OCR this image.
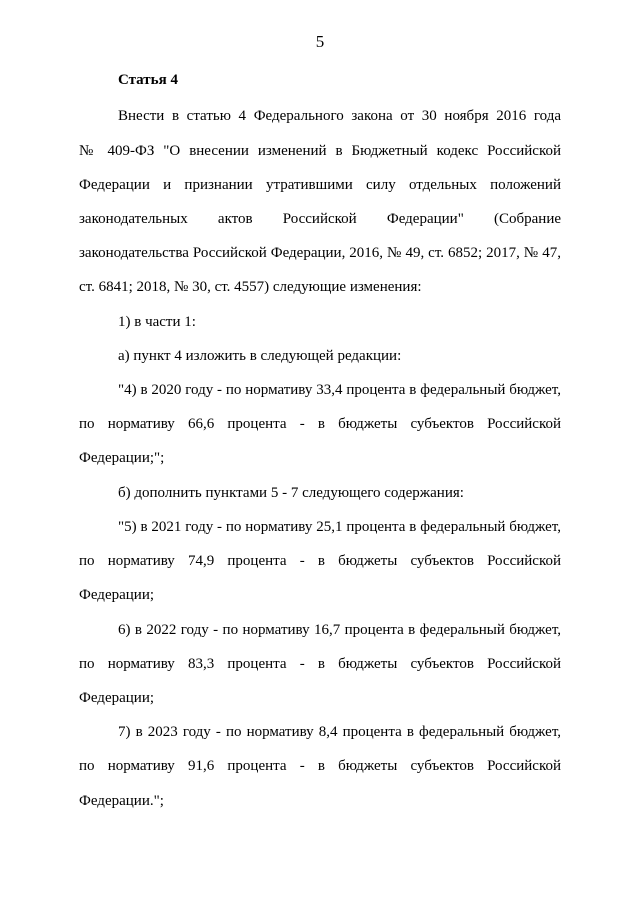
5
Статья 4
Внести в статью 4 Федерального закона от 30 ноября 2016 года
№ 409-ФЗ "О внесении изменений в Бюджетный кодекс Российской
Федерации и признании утратившими силу отдельных положений
законодательных актов Российской Федерации" (Собрание
законодательства Российской Федерации, 2016, № 49, ст. 6852; 2017, № 47,
ст. 6841; 2018, № 30, ст. 4557) следующие изменения:
1) в части 1:
а) пункт 4 изложить в следующей редакции:
"4) в 2020 году - по нормативу 33,4 процента в федеральный бюджет,
по нормативу 66,6 процента - в бюджеты субъектов Российской
Федерации;";
б) дополнить пунктами 5 - 7 следующего содержания:
"5) в 2021 году - по нормативу 25,1 процента в федеральный бюджет,
по нормативу 74,9 процента - в бюджеты субъектов Российской
Федерации;
6) в 2022 году - по нормативу 16,7 процента в федеральный бюджет,
по нормативу 83,3 процента - в бюджеты субъектов Российской
Федерации;
7) в 2023 году - по нормативу 8,4 процента в федеральный бюджет,
по нормативу 91,6 процента - в бюджеты субъектов Российской
Федерации.";
